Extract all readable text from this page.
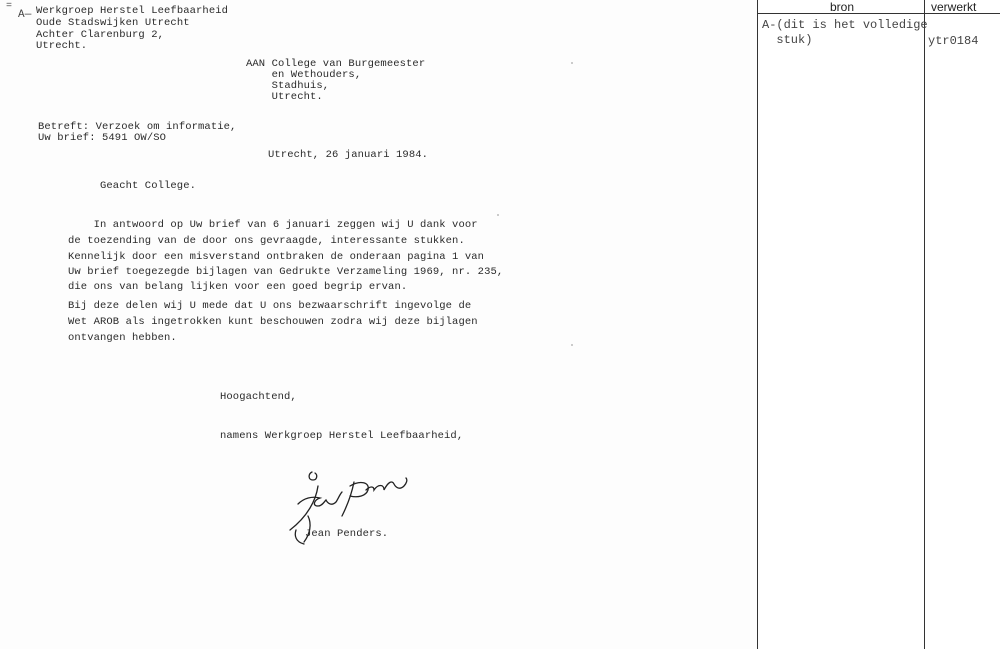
=
A— Werkgroep Herstel Leefbaarheid
Oude Stadswijken Utrecht
Achter Clarenburg 2,
Utrecht.
AAN College van Burgemeester
en Wethouders,
Stadhuis,
Utrecht.
Betreft: Verzoek om informatie,
Uw brief: 5491 OW/SO
Utrecht, 26 januari 1984.
Geacht College.
In antwoord op Uw brief van 6 januari zeggen wij U dank voor
de toezending van de door ons gevraagde, interessante stukken.
Kennelijk door een misverstand ontbraken de onderaan pagina 1 van
Uw brief toegezegde bijlagen van Gedrukte Verzameling 1969, nr. 235,
die ons van belang lijken voor een goed begrip ervan.
Bij deze delen wij U mede dat U ons bezwaarschrift ingevolge de
Wet AROB als ingetrokken kunt beschouwen zodra wij deze bijlagen
ontvangen hebben.
Hoogachtend,
namens Werkgroep Herstel Leefbaarheid,
Jean Penders.
bron	verwerkt
A-(dit is het volledige
stuk)	ytr0184
